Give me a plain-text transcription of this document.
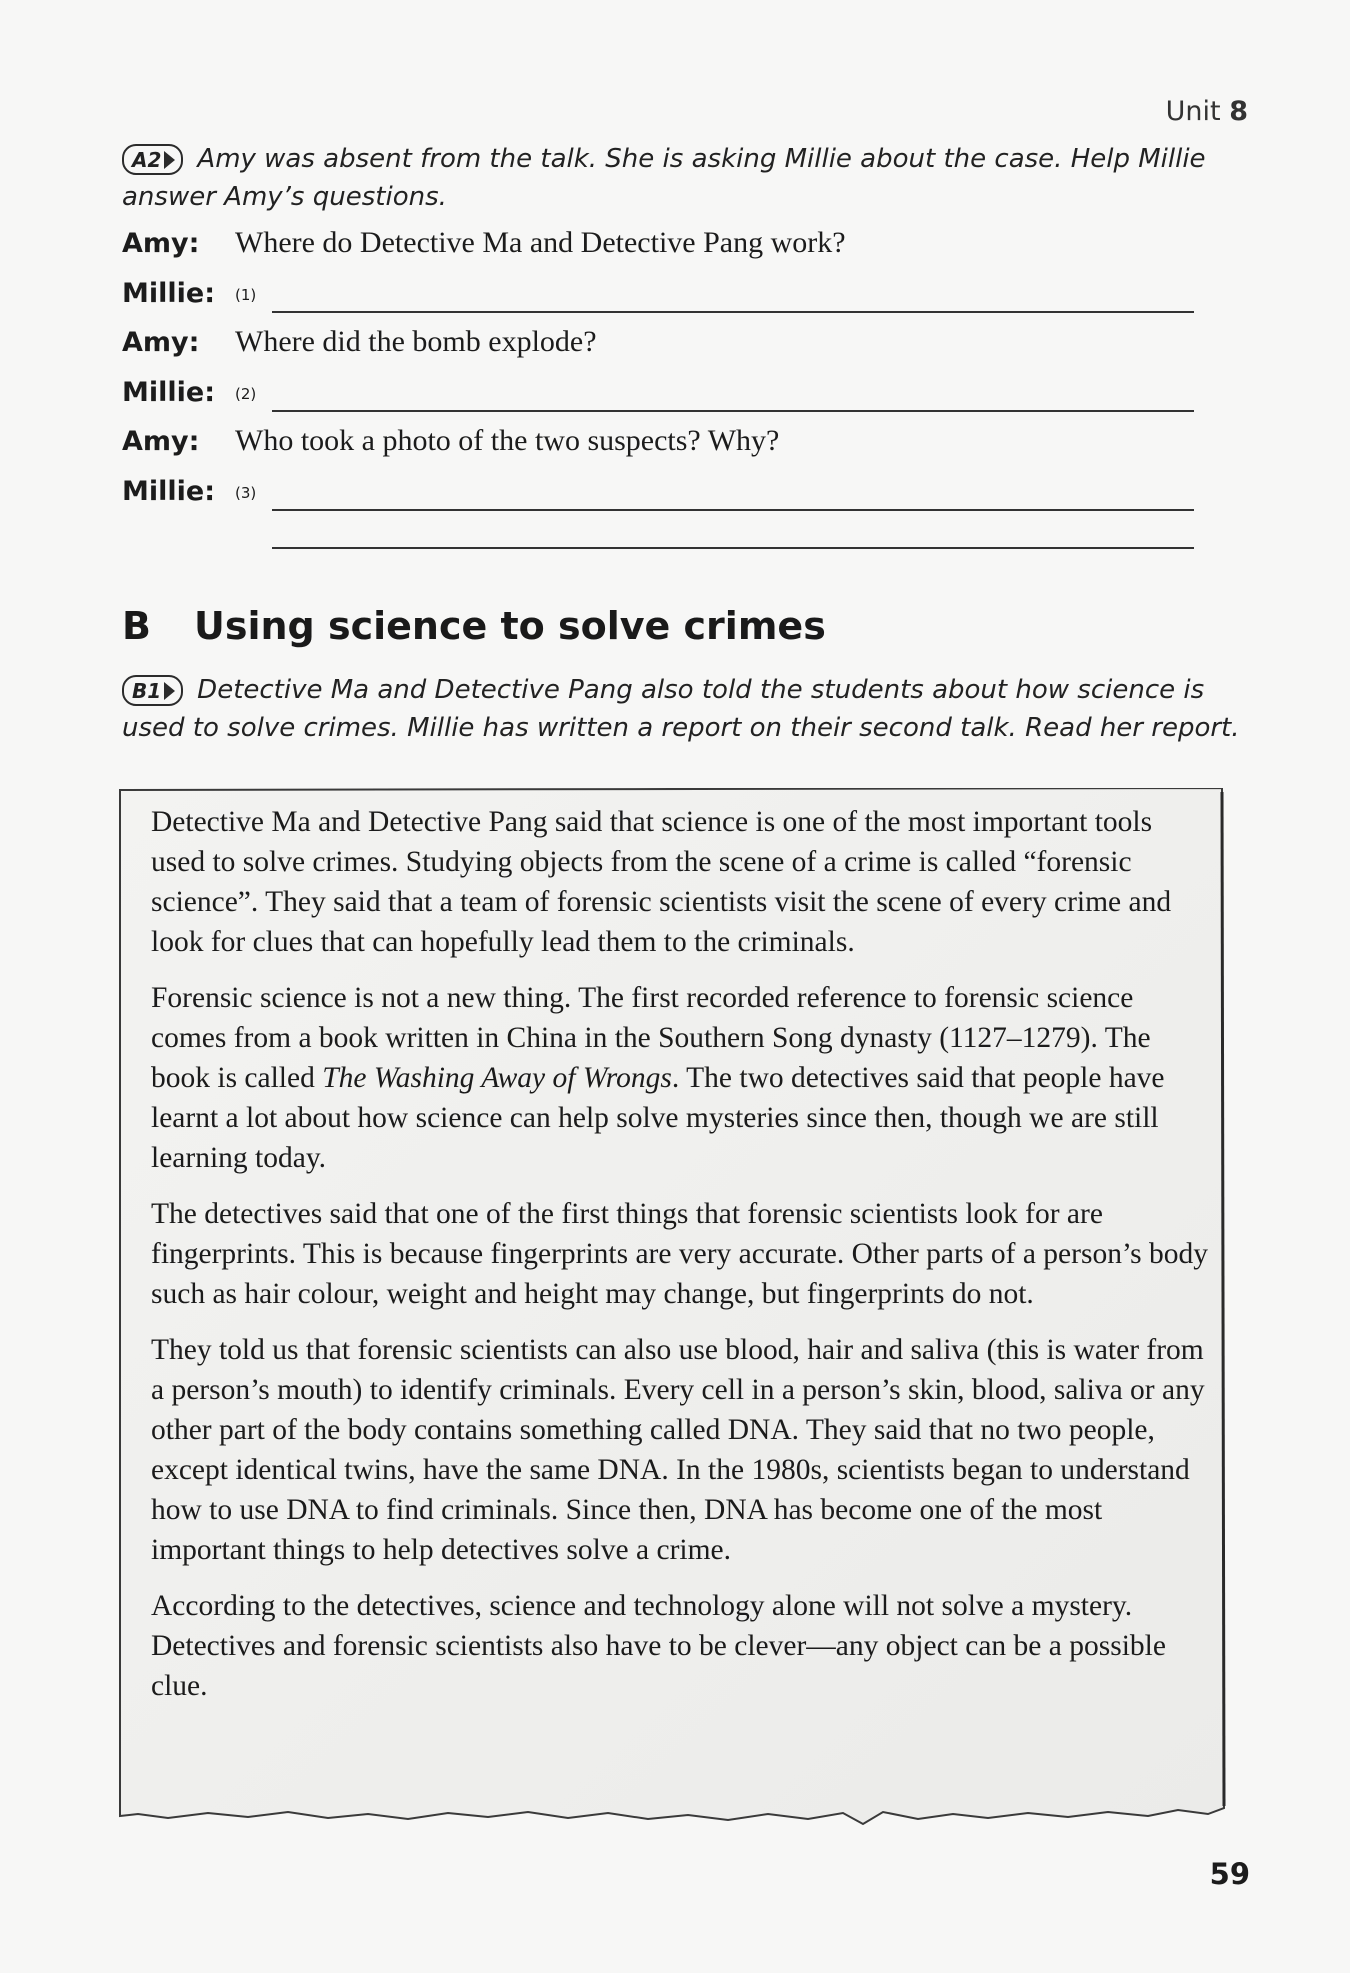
Unit 8
A2 Amy was absent from the talk. She is asking Millie about the case. Help Millie answer Amy’s questions.
Amy: Where do Detective Ma and Detective Pang work?
Millie: (1)
Amy: Where did the bomb explode?
Millie: (2)
Amy: Who took a photo of the two suspects? Why?
Millie: (3)
B Using science to solve crimes
B1 Detective Ma and Detective Pang also told the students about how science is used to solve crimes. Millie has written a report on their second talk. Read her report.

Detective Ma and Detective Pang said that science is one of the most important tools used to solve crimes. Studying objects from the scene of a crime is called “forensic science”. They said that a team of forensic scientists visit the scene of every crime and look for clues that can hopefully lead them to the criminals.

Forensic science is not a new thing. The first recorded reference to forensic science comes from a book written in China in the Southern Song dynasty (1127–1279). The book is called The Washing Away of Wrongs. The two detectives said that people have learnt a lot about how science can help solve mysteries since then, though we are still learning today.

The detectives said that one of the first things that forensic scientists look for are fingerprints. This is because fingerprints are very accurate. Other parts of a person’s body such as hair colour, weight and height may change, but fingerprints do not.

They told us that forensic scientists can also use blood, hair and saliva (this is water from a person’s mouth) to identify criminals. Every cell in a person’s skin, blood, saliva or any other part of the body contains something called DNA. They said that no two people, except identical twins, have the same DNA. In the 1980s, scientists began to understand how to use DNA to find criminals. Since then, DNA has become one of the most important things to help detectives solve a crime.

According to the detectives, science and technology alone will not solve a mystery. Detectives and forensic scientists also have to be clever—any object can be a possible clue.

59
